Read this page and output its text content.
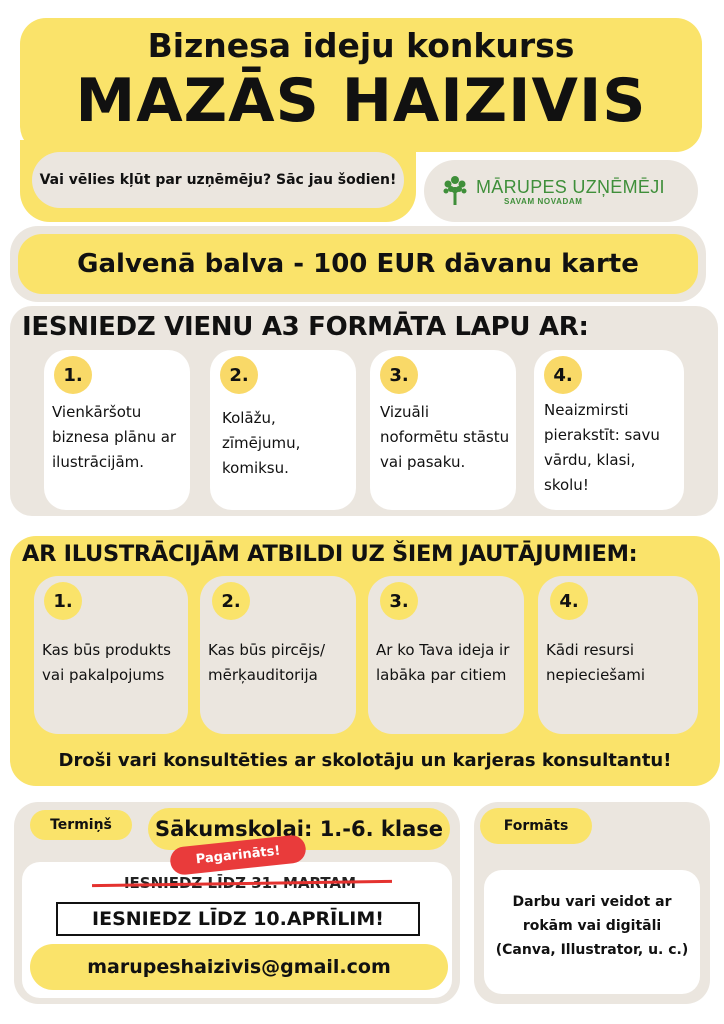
Biznesa ideju konkurss
MAZĀS HAIZIVIS
Vai vēlies kļūt par uzņēmēju? Sāc jau šodien!	MĀRUPES UZŅĒMĒJI
SAVAM NOVADAM
Galvenā balva - 100 EUR dāvanu karte
IESNIEDZ VIENU A3 FORMĀTA LAPU AR:
1.
Vienkāršotu biznesa plānu ar ilustrācijām.
2.
Kolāžu, zīmējumu, komiksu.
3.
Vizuāli noformētu stāstu vai pasaku.
4.
Neaizmirsti pierakstīt: savu vārdu, klasi, skolu!
AR ILUSTRĀCIJĀM ATBILDI UZ ŠIEM JAUTĀJUMIEM:
1.
Kas būs produkts vai pakalpojums
2.
Kas būs pircējs/ mērķauditorija
3.
Ar ko Tava ideja ir labāka par citiem
4.
Kādi resursi nepieciešami
Droši vari konsultēties ar skolotāju un karjeras konsultantu!
Termiņš	Sākumskolai: 1.-6. klase
Pagarināts!
IESNIEDZ LĪDZ 10.APRĪLIM!
marupeshaizivis@gmail.com
Formāts
Darbu vari veidot ar rokām vai digitāli (Canva, Illustrator, u. c.)
